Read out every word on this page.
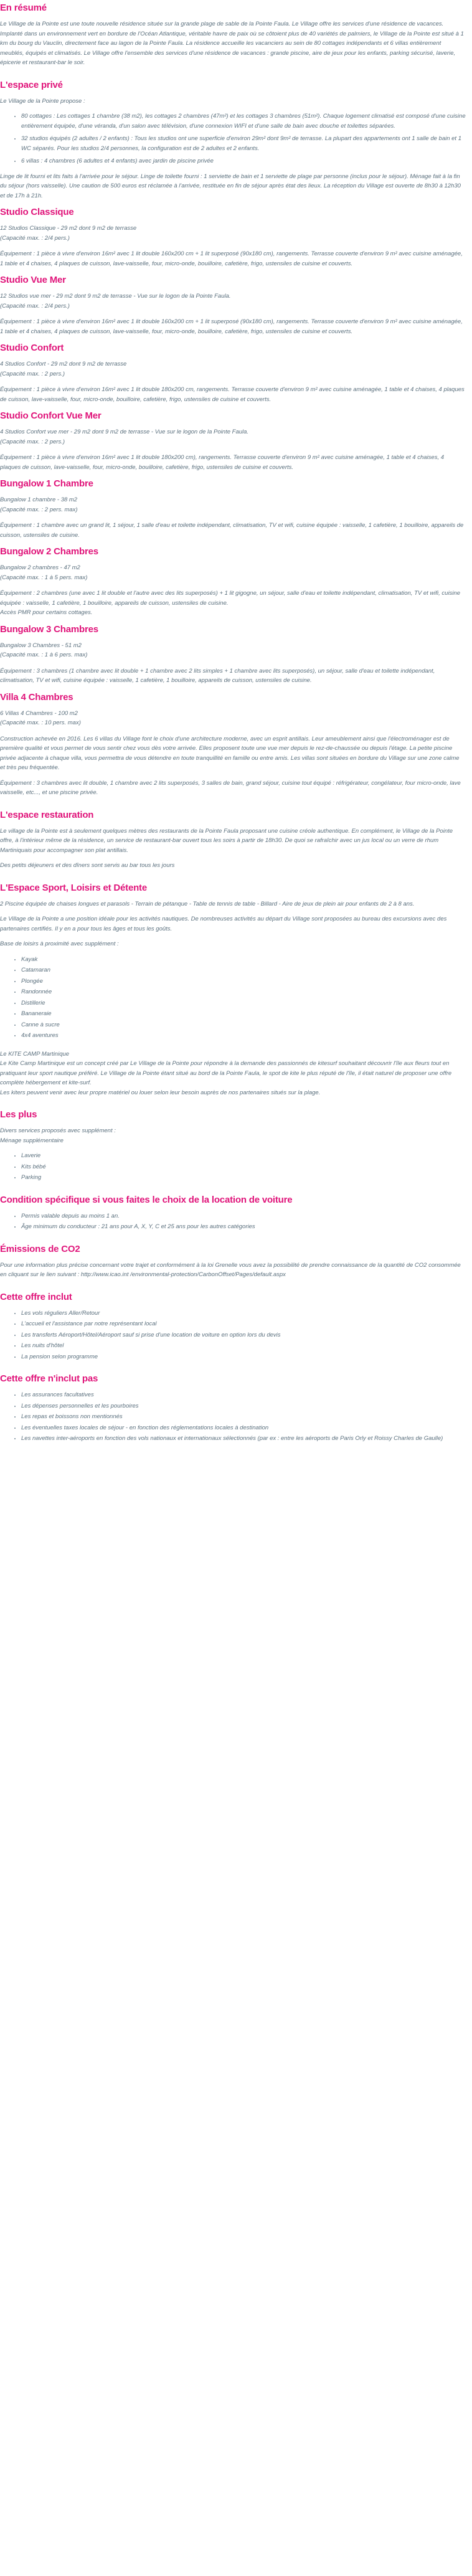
En résumé

Le Village de la Pointe est une toute nouvelle résidence située sur la grande plage de sable de la Pointe Faula. Le Village offre les services d'une résidence de vacances. Implanté dans un environnement vert en bordure de l'Océan Atlantique, véritable havre de paix où se côtoient plus de 40 variétés de palmiers, le Village de la Pointe est situé à 1 km du bourg du Vauclin, directement face au lagon de la Pointe Faula. La résidence accueille les vacanciers au sein de 80 cottages indépendants et 6 villas entièrement meublés, équipés et climatisés. Le Village offre l'ensemble des services d'une résidence de vacances : grande piscine, aire de jeux pour les enfants, parking sécurisé, laverie, épicerie et restaurant-bar le soir.

L'espace privé

Le Village de la Pointe propose :

• 80 cottages : Les cottages 1 chambre (38 m2), les cottages 2 chambres (47m²) et les cottages 3 chambres (51m²). Chaque logement climatisé est composé d'une cuisine entièrement équipée, d'une véranda, d'un salon avec télévision, d'une connexion WIFI et d'une salle de bain avec douche et toilettes séparées.
• 32 studios équipés (2 adultes / 2 enfants) : Tous les studios ont une superficie d'environ 29m² dont 9m² de terrasse. La plupart des appartements ont 1 salle de bain et 1 WC séparés. Pour les studios 2/4 personnes, la configuration est de 2 adultes et 2 enfants.
• 6 villas : 4 chambres (6 adultes et 4 enfants) avec jardin de piscine privée

Linge de lit fourni et lits faits à l'arrivée pour le séjour. Linge de toilette fourni : 1 serviette de bain et 1 serviette de plage par personne (inclus pour le séjour). Ménage fait à la fin du séjour (hors vaisselle). Une caution de 500 euros est réclamée à l'arrivée, restituée en fin de séjour après état des lieux. La réception du Village est ouverte de 8h30 à 12h30 et de 17h à 21h.

Studio Classique

12 Studios Classique - 29 m2 dont 9 m2 de terrasse
(Capacité max. : 2/4 pers.)

Équipement : 1 pièce à vivre d'environ 16m² avec 1 lit double 160x200 cm + 1 lit superposé (90x180 cm), rangements. Terrasse couverte d'environ 9 m² avec cuisine aménagée, 1 table et 4 chaises, 4 plaques de cuisson, lave-vaisselle, four, micro-onde, bouilloire, cafetière, frigo, ustensiles de cuisine et couverts.

Studio Vue Mer

12 Studios vue mer - 29 m2 dont 9 m2 de terrasse - Vue sur le logon de la Pointe Faula.
(Capacité max. : 2/4 pers.)

Équipement : 1 pièce à vivre d'environ 16m² avec 1 lit double 160x200 cm + 1 lit superposé (90x180 cm), rangements. Terrasse couverte d'environ 9 m² avec cuisine aménagée, 1 table et 4 chaises, 4 plaques de cuisson, lave-vaisselle, four, micro-onde, bouilloire, cafetière, frigo, ustensiles de cuisine et couverts.

Studio Confort

4 Studios Confort - 29 m2 dont 9 m2 de terrasse
(Capacité max. : 2 pers.)

Équipement : 1 pièce à vivre d'environ 16m² avec 1 lit double 180x200 cm, rangements. Terrasse couverte d'environ 9 m² avec cuisine aménagée, 1 table et 4 chaises, 4 plaques de cuisson, lave-vaisselle, four, micro-onde, bouilloire, cafetière, frigo, ustensiles de cuisine et couverts.

Studio Confort Vue Mer

4 Studios Confort vue mer - 29 m2 dont 9 m2 de terrasse - Vue sur le logon de la Pointe Faula.
(Capacité max. : 2 pers.)

Équipement : 1 pièce à vivre d'environ 16m² avec 1 lit double 180x200 cm), rangements. Terrasse couverte d'environ 9 m² avec cuisine aménagée, 1 table et 4 chaises, 4 plaques de cuisson, lave-vaisselle, four, micro-onde, bouilloire, cafetière, frigo, ustensiles de cuisine et couverts.

Bungalow 1 Chambre

Bungalow 1 chambre - 38 m2
(Capacité max. : 2 pers. max)

Équipement : 1 chambre avec un grand lit, 1 séjour, 1 salle d'eau et toilette indépendant, climatisation, TV et wifi, cuisine équipée : vaisselle, 1 cafetière, 1 bouilloire, appareils de cuisson, ustensiles de cuisine.

Bungalow 2 Chambres

Bungalow 2 chambres - 47 m2
(Capacité max. : 1 à 5 pers. max)

Équipement : 2 chambres (une avec 1 lit double et l'autre avec des lits superposés) + 1 lit gigogne, un séjour, salle d'eau et toilette indépendant, climatisation, TV et wifi, cuisine équipée : vaisselle, 1 cafetière, 1 bouilloire, appareils de cuisson, ustensiles de cuisine.
Accès PMR pour certains cottages.

Bungalow 3 Chambres

Bungalow 3 Chambres - 51 m2
(Capacité max. : 1 à 6 pers. max)

Équipement : 3 chambres (1 chambre avec lit double + 1 chambre avec 2 lits simples + 1 chambre avec lits superposés), un séjour, salle d'eau et toilette indépendant, climatisation, TV et wifi, cuisine équipée : vaisselle, 1 cafetière, 1 bouilloire, appareils de cuisson, ustensiles de cuisine.

Villa 4 Chambres

6 Villas 4 Chambres - 100 m2
(Capacité max. : 10 pers. max)

Construction achevée en 2016. Les 6 villas du Village font le choix d'une architecture moderne, avec un esprit antillais. Leur ameublement ainsi que l'électroménager est de première qualité et vous permet de vous sentir chez vous dès votre arrivée. Elles proposent toute une vue mer depuis le rez-de-chaussée ou depuis l'étage. La petite piscine privée adjacente à chaque villa, vous permettra de vous détendre en toute tranquillité en famille ou entre amis. Les villas sont situées en bordure du Village sur une zone calme et très peu fréquentée.

Équipement : 3 chambres avec lit double, 1 chambre avec 2 lits superposés, 3 salles de bain, grand séjour, cuisine tout équipé : réfrigérateur, congélateur, four micro-onde, lave vaisselle, etc..., et une piscine privée.

L'espace restauration

Le village de la Pointe est à seulement quelques mètres des restaurants de la Pointe Faula proposant une cuisine créole authentique. En complément, le Village de la Pointe offre, à l'intérieur même de la résidence, un service de restaurant-bar ouvert tous les soirs à partir de 18h30. De quoi se rafraîchir avec un jus local ou un verre de rhum Martiniquais pour accompagner son plat antillais.

Des petits déjeuners et des dîners sont servis au bar tous les jours

L'Espace Sport, Loisirs et Détente

2 Piscine équipée de chaises longues et parasols - Terrain de pétanque - Table de tennis de table - Billard - Aire de jeux de plein air pour enfants de 2 à 8 ans.

Le Village de la Pointe a une position idéale pour les activités nautiques. De nombreuses activités au départ du Village sont proposées au bureau des excursions avec des partenaires certifiés. Il y en a pour tous les âges et tous les goûts.

Base de loisirs à proximité avec supplément :

• Kayak
• Catamaran
• Plongée
• Randonnée
• Distillerie
• Bananeraie
• Canne à sucre
• 4x4 aventures

Le KITE CAMP Martinique
Le Kite Camp Martinique est un concept créé par Le Village de la Pointe pour répondre à la demande des passionnés de kitesurf souhaitant découvrir l'île aux fleurs tout en pratiquant leur sport nautique préféré. Le Village de la Pointe étant situé au bord de la Pointe Faula, le spot de kite le plus réputé de l'île, il était naturel de proposer une offre complète hébergement et kite-surf.
Les kiters peuvent venir avec leur propre matériel ou louer selon leur besoin auprès de nos partenaires situés sur la plage.

Les plus

Divers services proposés avec supplément :
Ménage supplémentaire

• Laverie
• Kits bébé
• Parking
Condition spécifique si vous faites le choix de la location de voiture
• Permis valable depuis au moins 1 an.
• Âge minimum du conducteur : 21 ans pour A, X, Y, C et 25 ans pour les autres catégories
Émissions de CO2

Pour une information plus précise concernant votre trajet et conformément à la loi Grenelle vous avez la possibilité de prendre connaissance de la quantité de CO2 consommée en cliquant sur le lien suivant : http://www.icao.int /environmental-protection/CarbonOffset/Pages/default.aspx

Cette offre inclut
• Les vols réguliers Aller/Retour
• L'accueil et l'assistance par notre représentant local
• Les transferts Aéroport/Hôtel/Aéroport sauf si prise d'une location de voiture en option lors du devis
• Les nuits d'hôtel
• La pension selon programme
Cette offre n'inclut pas
• Les assurances facultatives
• Les dépenses personnelles et les pourboires
• Les repas et boissons non mentionnés
• Les éventuelles taxes locales de séjour - en fonction des réglementations locales à destination
• Les navettes inter-aéroports en fonction des vols nationaux et internationaux sélectionnés (par ex : entre les aéroports de Paris Orly et Roissy Charles de Gaulle)
